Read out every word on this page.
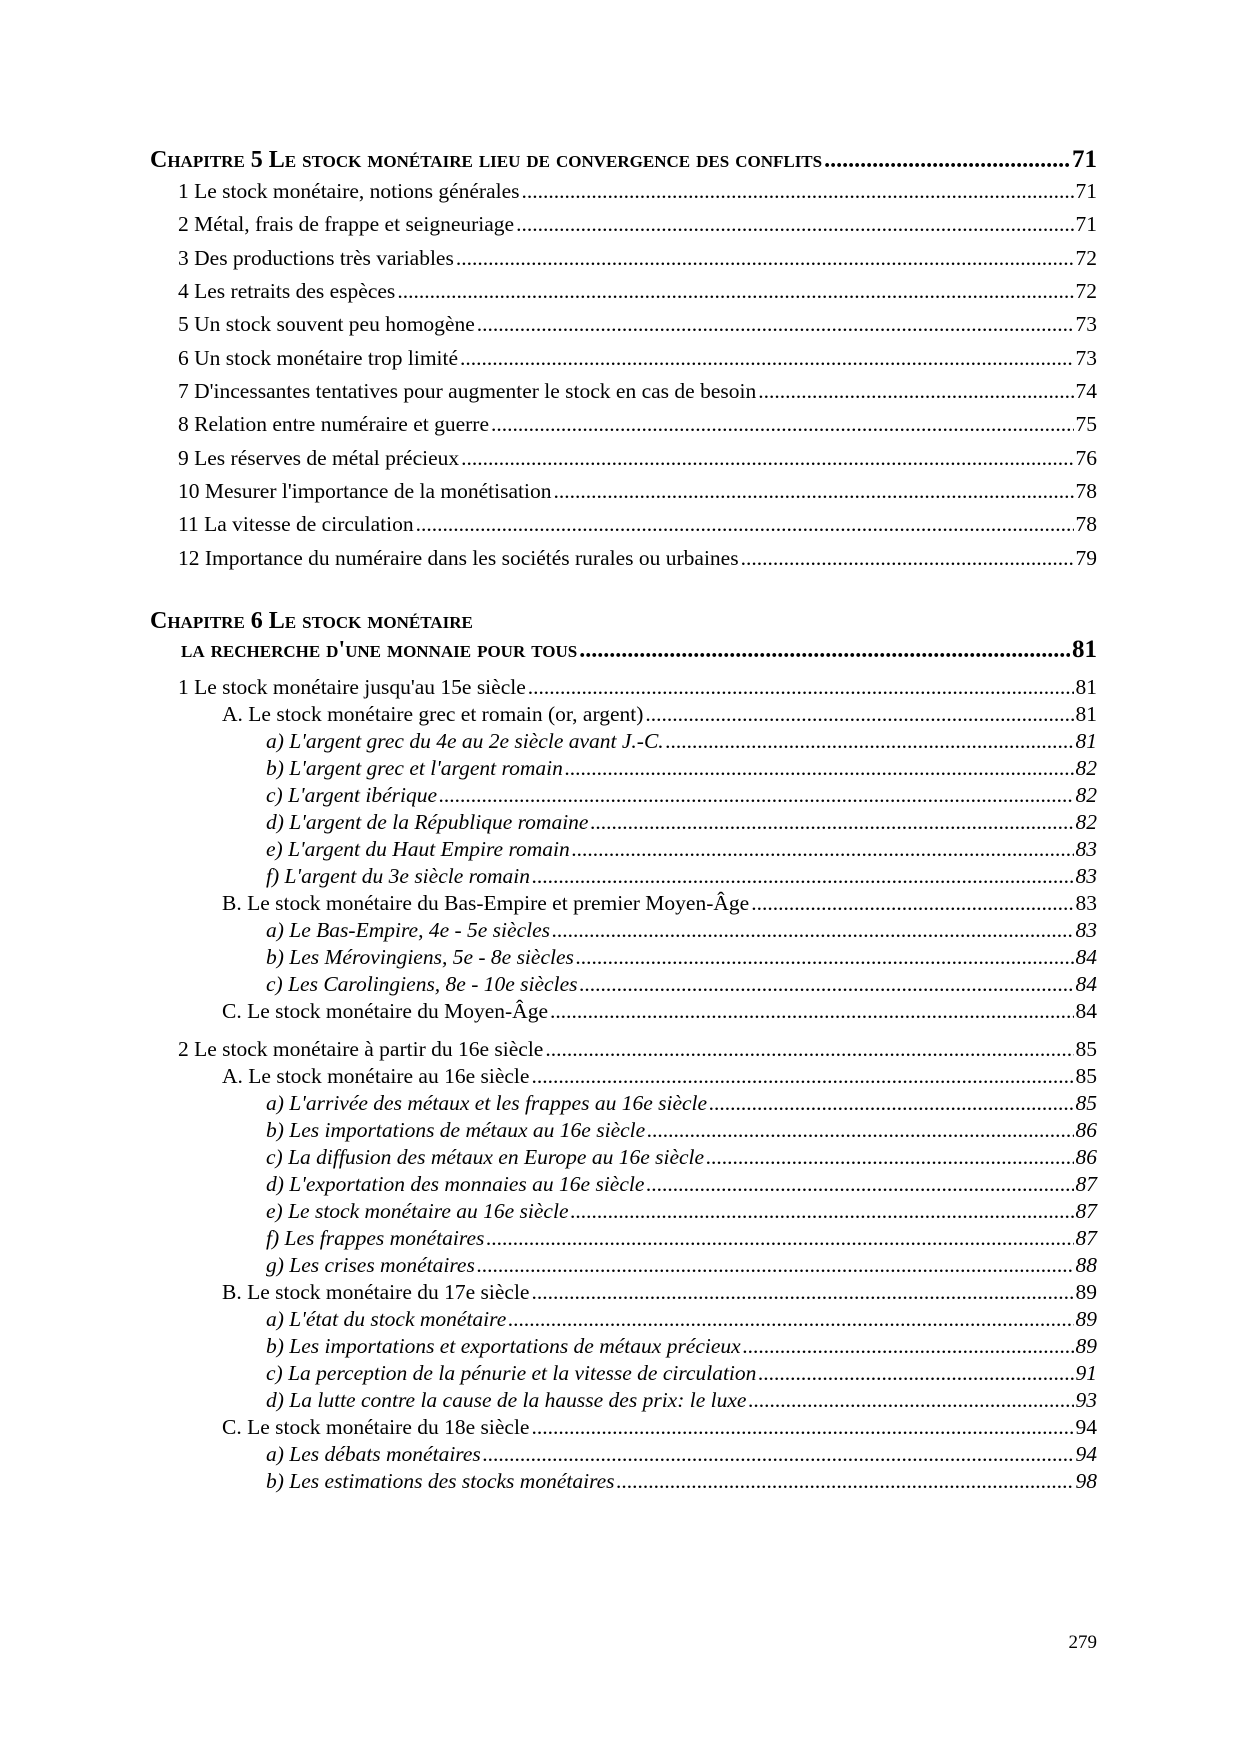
Chapitre 5 Le stock monétaire lieu de convergence des conflits .....	71
1 Le stock monétaire, notions générales .....	71
2 Métal, frais de frappe et seigneuriage .....	71
3 Des productions très variables .....	72
4 Les retraits des espèces .....	72
5 Un stock souvent peu homogène .....	73
6 Un stock monétaire trop limité .....	73
7 D'incessantes tentatives pour augmenter le stock en cas de besoin .....	74
8 Relation entre numéraire et guerre .....	75
9 Les réserves de métal précieux .....	76
10 Mesurer l'importance de la monétisation .....	78
11 La vitesse de circulation .....	78
12 Importance du numéraire dans les sociétés rurales ou urbaines .....	79
Chapitre 6 Le stock monétaire
la recherche d'une monnaie pour tous .....	81
1 Le stock monétaire jusqu'au 15e siècle .....	81
A. Le stock monétaire grec et romain (or, argent) .....	81
a) L'argent grec du 4e au 2e siècle avant J.-C. .....	81
b) L'argent grec et l'argent romain .....	82
c) L'argent ibérique .....	82
d) L'argent de la République romaine .....	82
e) L'argent du Haut Empire romain .....	83
f) L'argent du 3e siècle romain .....	83
B. Le stock monétaire du Bas-Empire et premier Moyen-Âge .....	83
a) Le Bas-Empire, 4e - 5e siècles .....	83
b) Les Mérovingiens, 5e - 8e siècles .....	84
c) Les Carolingiens, 8e - 10e siècles .....	84
C. Le stock monétaire du Moyen-Âge .....	84
2 Le stock monétaire à partir du 16e siècle .....	85
A. Le stock monétaire au 16e siècle .....	85
a) L'arrivée des métaux et les frappes au 16e siècle .....	85
b) Les importations de métaux au 16e siècle .....	86
c) La diffusion des métaux en Europe au 16e siècle .....	86
d) L'exportation des monnaies au 16e siècle .....	87
e) Le stock monétaire au 16e siècle .....	87
f) Les frappes monétaires .....	87
g) Les crises monétaires .....	88
B. Le stock monétaire du 17e siècle .....	89
a) L'état du stock monétaire .....	89
b) Les importations et exportations de métaux précieux .....	89
c) La perception de la pénurie et la vitesse de circulation .....	91
d) La lutte contre la cause de la hausse des prix: le luxe .....	93
C. Le stock monétaire du 18e siècle .....	94
a) Les débats monétaires .....	94
b) Les estimations des stocks monétaires .....	98
279
